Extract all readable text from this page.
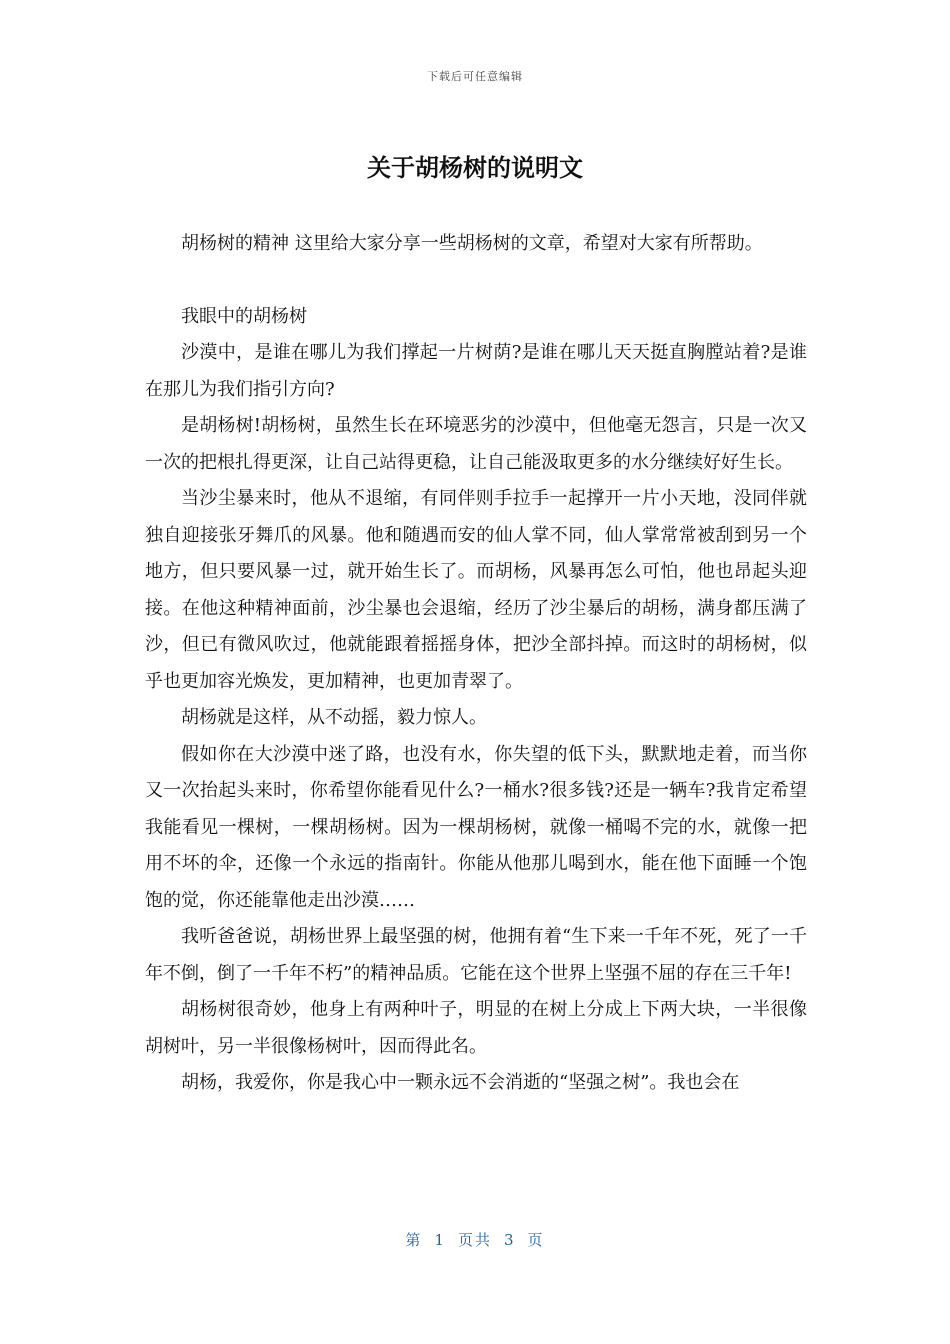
下载后可任意编辑
关于胡杨树的说明文

胡杨树的精神 这里给大家分享一些胡杨树的文章，希望对大家有所帮助。

我眼中的胡杨树

沙漠中，是谁在哪儿为我们撑起一片树荫?是谁在哪儿天天挺直胸膛站着?是谁在那儿为我们指引方向?

是胡杨树!胡杨树，虽然生长在环境恶劣的沙漠中，但他毫无怨言，只是一次又一次的把根扎得更深，让自己站得更稳，让自己能汲取更多的水分继续好好生长。

当沙尘暴来时，他从不退缩，有同伴则手拉手一起撑开一片小天地，没同伴就独自迎接张牙舞爪的风暴。他和随遇而安的仙人掌不同，仙人掌常常被刮到另一个地方，但只要风暴一过，就开始生长了。而胡杨，风暴再怎么可怕，他也昂起头迎接。在他这种精神面前，沙尘暴也会退缩，经历了沙尘暴后的胡杨，满身都压满了沙，但已有微风吹过，他就能跟着摇摇身体，把沙全部抖掉。而这时的胡杨树，似乎也更加容光焕发，更加精神，也更加青翠了。

胡杨就是这样，从不动摇，毅力惊人。

假如你在大沙漠中迷了路，也没有水，你失望的低下头，默默地走着，而当你又一次抬起头来时，你希望你能看见什么?一桶水?很多钱?还是一辆车?我肯定希望我能看见一棵树，一棵胡杨树。因为一棵胡杨树，就像一桶喝不完的水，就像一把用不坏的伞，还像一个永远的指南针。你能从他那儿喝到水，能在他下面睡一个饱饱的觉，你还能靠他走出沙漠……

我听爸爸说，胡杨世界上最坚强的树，他拥有着“生下来一千年不死，死了一千年不倒，倒了一千年不朽”的精神品质。它能在这个世界上坚强不屈的存在三千年!

胡杨树很奇妙，他身上有两种叶子，明显的在树上分成上下两大块，一半很像胡树叶，另一半很像杨树叶，因而得此名。

胡杨，我爱你，你是我心中一颗永远不会消逝的“坚强之树”。我也会在

第 1 页共 3 页
